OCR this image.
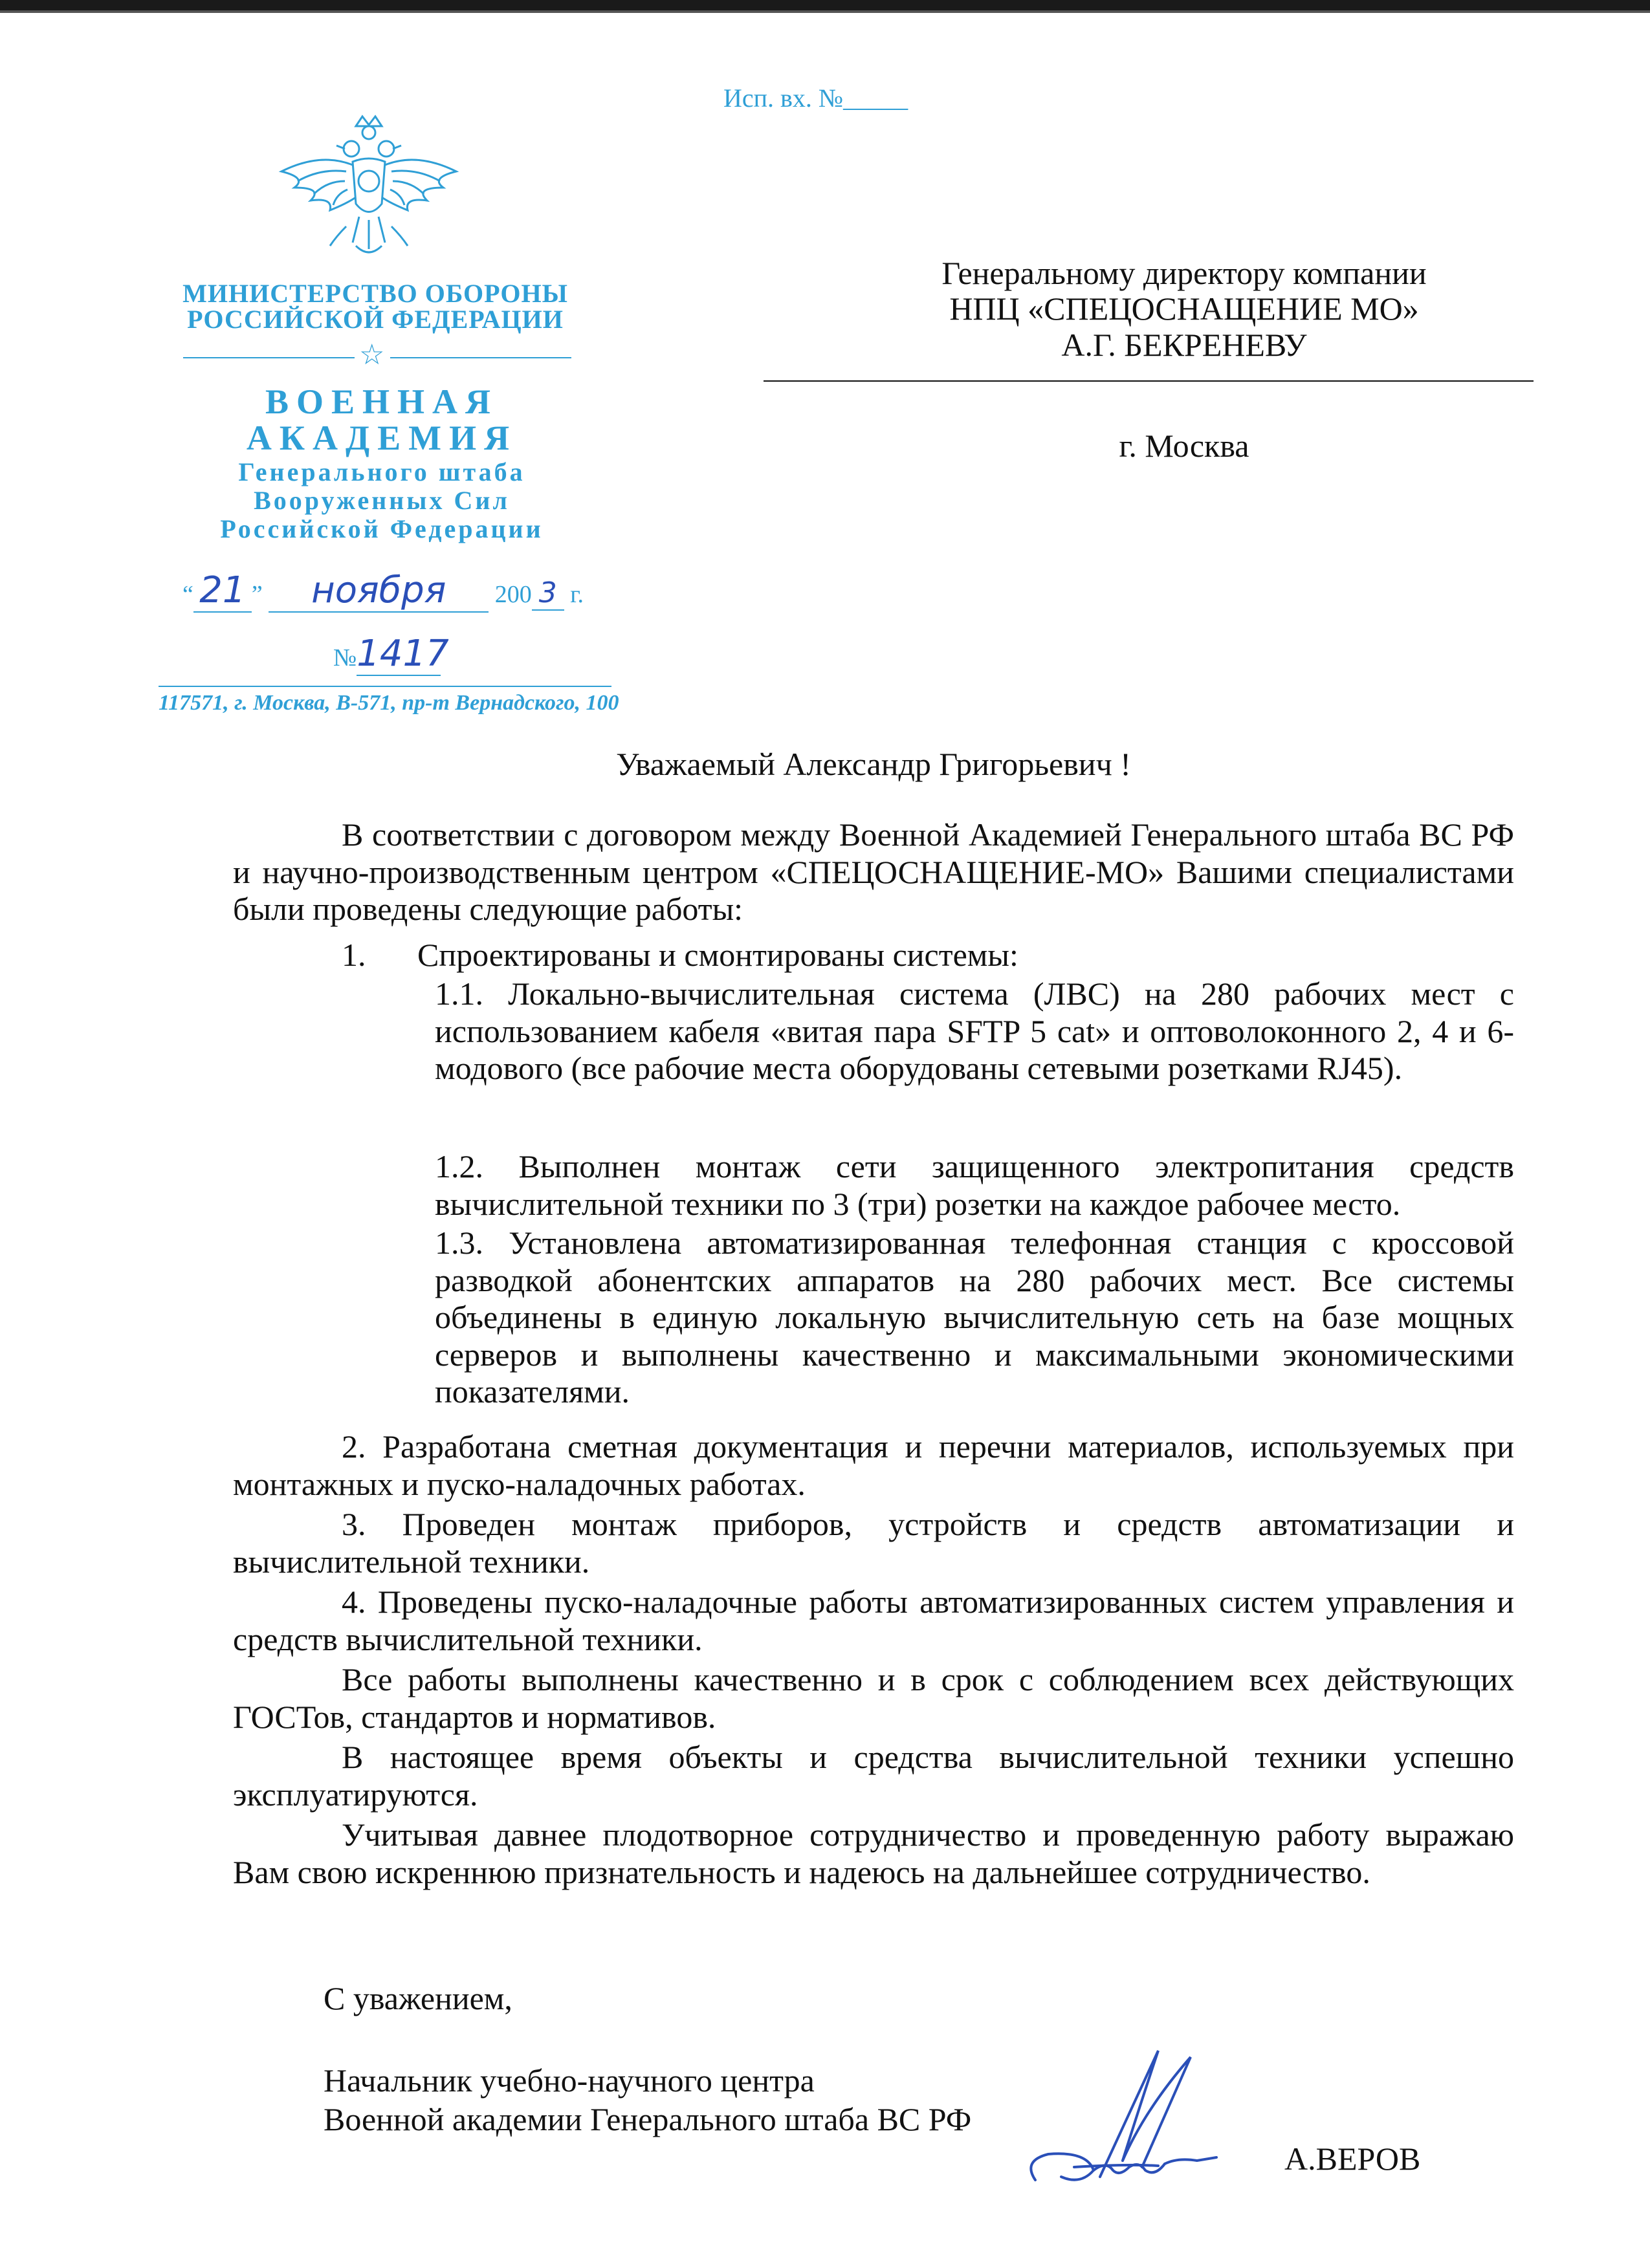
Исп. вх. №_____
МИНИСТЕРСТВО ОБОРОНЫ
РОССИЙСКОЙ ФЕДЕРАЦИИ
☆
ВОЕННАЯ
АКАДЕМИЯ
Генерального штаба
Вооруженных Сил
Российской Федерации
“ 21 ” ноября 200 3 г.
№1417
117571, г. Москва, В-571, пр-т Вернадского, 100
Генеральному директору компании
НПЦ «СПЕЦОСНАЩЕНИЕ МО»
А.Г. БЕКРЕНЕВУ
г. Москва
Уважаемый Александр Григорьевич !
В соответствии с договором между Военной Академией Генерального штаба ВС РФ и научно-производственным центром «СПЕЦОСНАЩЕНИЕ-МО» Вашими специалистами были проведены следующие работы:
1. Спроектированы и смонтированы системы:
1.1. Локально-вычислительная система (ЛВС) на 280 рабочих мест с использованием кабеля «витая пара SFTP 5 cat» и оптоволоконного 2, 4 и 6- модового (все рабочие места оборудованы сетевыми розетками RJ45).
1.2. Выполнен монтаж сети защищенного электропитания средств вычислительной техники по 3 (три) розетки на каждое рабочее место.
1.3. Установлена автоматизированная телефонная станция с кроссовой разводкой абонентских аппаратов на 280 рабочих мест. Все системы объединены в единую локальную вычислительную сеть на базе мощных серверов и выполнены качественно и максимальными экономическими показателями.
2. Разработана сметная документация и перечни материалов, используемых при монтажных и пуско-наладочных работах.
3. Проведен монтаж приборов, устройств и средств автоматизации и вычислительной техники.
4. Проведены пуско-наладочные работы автоматизированных систем управления и средств вычислительной техники.
Все работы выполнены качественно и в срок с соблюдением всех действующих ГОСТов, стандартов и нормативов.
В настоящее время объекты и средства вычислительной техники успешно эксплуатируются.
Учитывая давнее плодотворное сотрудничество и проведенную работу выражаю Вам свою искреннюю признательность и надеюсь на дальнейшее сотрудничество.
С уважением,
Начальник учебно-научного центра
Военной академии Генерального штаба ВС РФ
А.ВЕРОВ
